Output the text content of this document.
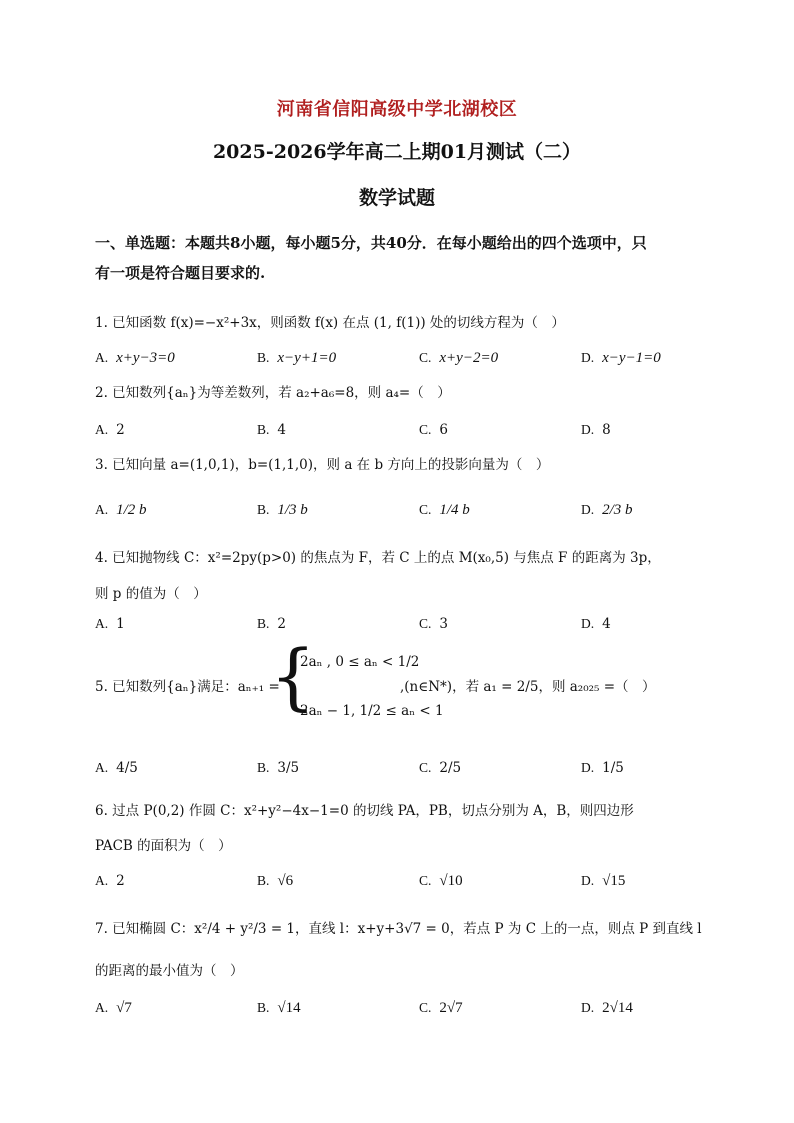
河南省信阳高级中学北湖校区
2025-2026学年高二上期01月测试（二）
数学试题
一、单选题：本题共8小题，每小题5分，共40分．在每小题给出的四个选项中，只
有一项是符合题目要求的.
1. 已知函数 f(x)=−x²+3x，则函数 f(x) 在点 (1, f(1)) 处的切线方程为（　）
A. x+y−3=0	B. x−y+1=0	C. x+y−2=0	D. x−y−1=0
2. 已知数列{aₙ}为等差数列，若 a₂+a₆=8，则 a₄=（　）
A. 2	B. 4	C. 6	D. 8
3. 已知向量 a=(1,0,1)，b=(1,1,0)，则 a 在 b 方向上的投影向量为（　）
A. 1/2 b	B. 1/3 b	C. 1/4 b	D. 2/3 b
4. 已知抛物线 C：x²=2py(p>0) 的焦点为 F，若 C 上的点 M(x₀,5) 与焦点 F 的距离为 3p，
则 p 的值为（　）
A. 1	B. 2	C. 3	D. 4
5. 已知数列{aₙ}满足：aₙ₊₁ =
{
2aₙ , 0 ≤ aₙ < 1/2
2aₙ − 1, 1/2 ≤ aₙ < 1
,(n∈N*)，若 a₁ = 2/5，则 a₂₀₂₅ =（　）
A. 4/5	B. 3/5	C. 2/5	D. 1/5
6. 过点 P(0,2) 作圆 C：x²+y²−4x−1=0 的切线 PA，PB，切点分别为 A，B，则四边形
PACB 的面积为（　）
A. 2	B. √6	C. √10	D. √15
7. 已知椭圆 C：x²/4 + y²/3 = 1，直线 l：x+y+3√7 = 0，若点 P 为 C 上的一点，则点 P 到直线 l
的距离的最小值为（　）
A. √7	B. √14	C. 2√7	D. 2√14
